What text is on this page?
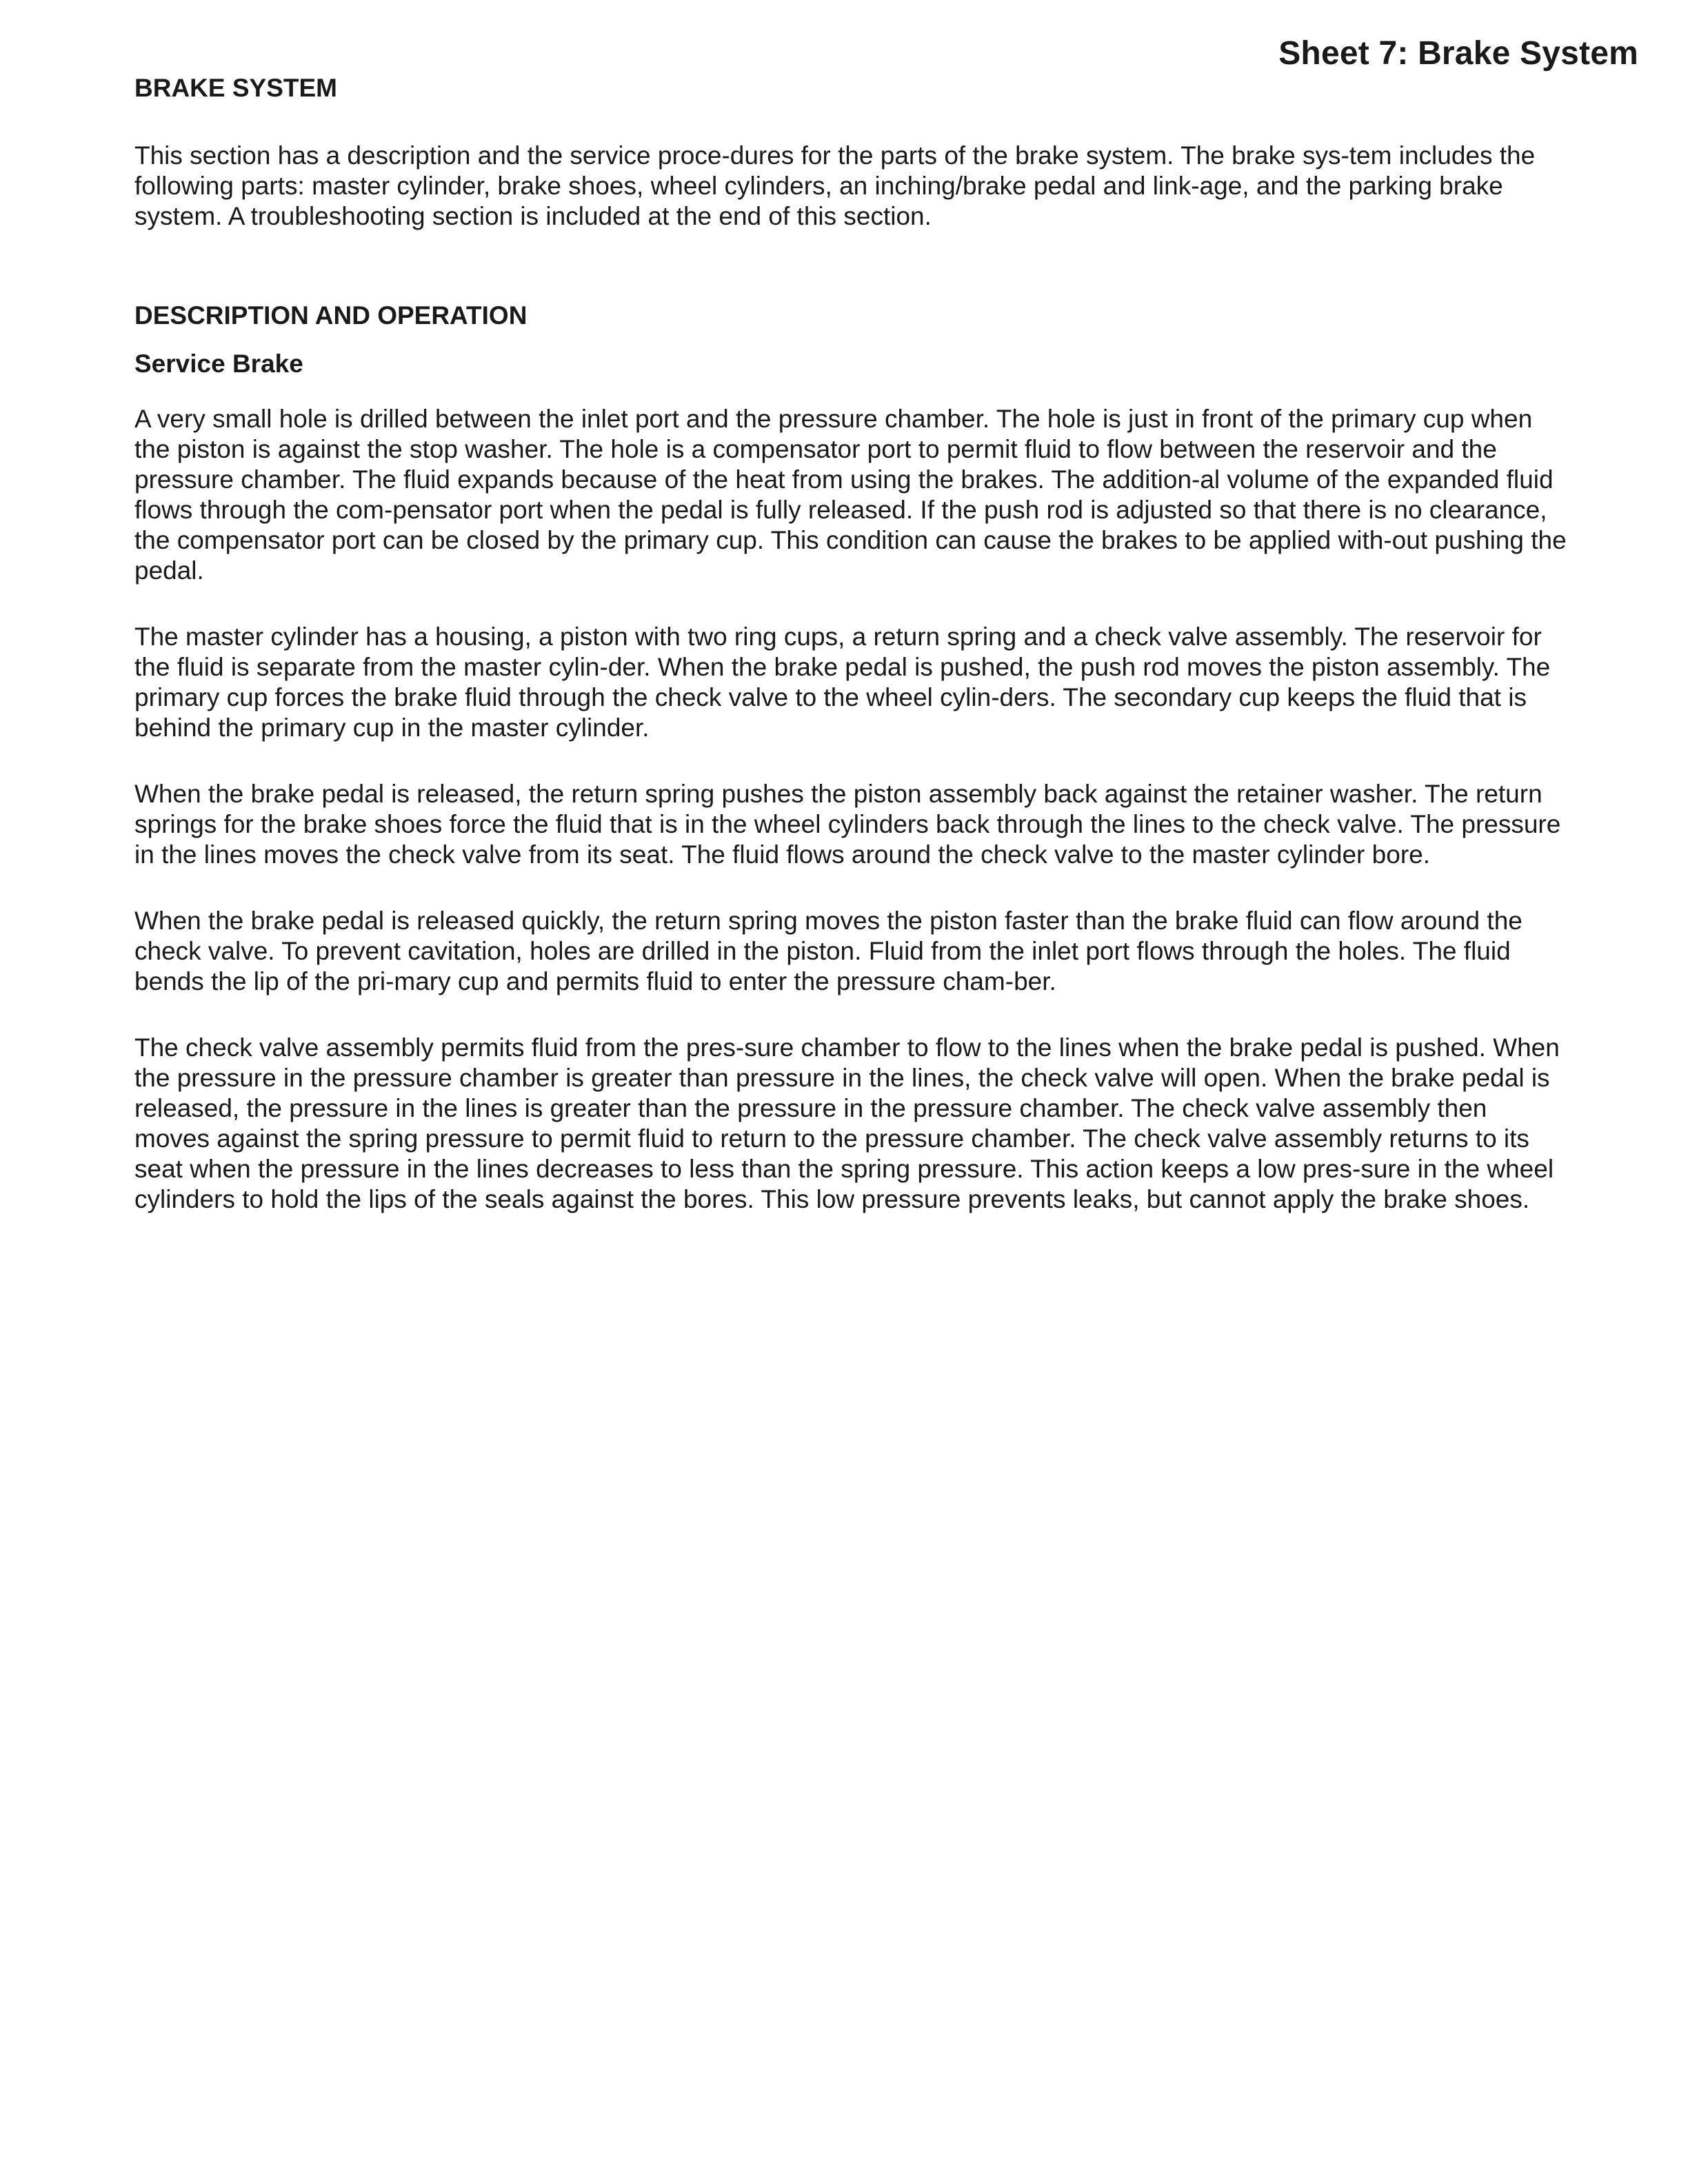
Sheet 7: Brake System
BRAKE SYSTEM

This section has a description and the service proce-dures for the parts of the brake system. The brake sys-tem includes the following parts: master cylinder, brake shoes, wheel cylinders, an inching/brake pedal and link-age, and the parking brake system. A troubleshooting section is included at the end of this section.

DESCRIPTION AND OPERATION
Service Brake

A very small hole is drilled between the inlet port and the pressure chamber. The hole is just in front of the primary cup when the piston is against the stop washer. The hole is a compensator port to permit fluid to flow between the reservoir and the pressure chamber. The fluid expands because of the heat from using the brakes. The addition-al volume of the expanded fluid flows through the com-pensator port when the pedal is fully released. If the push rod is adjusted so that there is no clearance, the compensator port can be closed by the primary cup. This condition can cause the brakes to be applied with-out pushing the pedal.

The master cylinder has a housing, a piston with two ring cups, a return spring and a check valve assembly. The reservoir for the fluid is separate from the master cylin-der. When the brake pedal is pushed, the push rod moves the piston assembly. The primary cup forces the brake fluid through the check valve to the wheel cylin-ders. The secondary cup keeps the fluid that is behind the primary cup in the master cylinder.

When the brake pedal is released, the return spring pushes the piston assembly back against the retainer washer. The return springs for the brake shoes force the fluid that is in the wheel cylinders back through the lines to the check valve. The pressure in the lines moves the check valve from its seat. The fluid flows around the check valve to the master cylinder bore.

When the brake pedal is released quickly, the return spring moves the piston faster than the brake fluid can flow around the check valve. To prevent cavitation, holes are drilled in the piston. Fluid from the inlet port flows through the holes. The fluid bends the lip of the pri-mary cup and permits fluid to enter the pressure cham-ber.

The check valve assembly permits fluid from the pres-sure chamber to flow to the lines when the brake pedal is pushed. When the pressure in the pressure chamber is greater than pressure in the lines, the check valve will open. When the brake pedal is released, the pressure in the lines is greater than the pressure in the pressure chamber. The check valve assembly then moves against the spring pressure to permit fluid to return to the pressure chamber. The check valve assembly returns to its seat when the pressure in the lines decreases to less than the spring pressure. This action keeps a low pres-sure in the wheel cylinders to hold the lips of the seals against the bores. This low pressure prevents leaks, but cannot apply the brake shoes.
